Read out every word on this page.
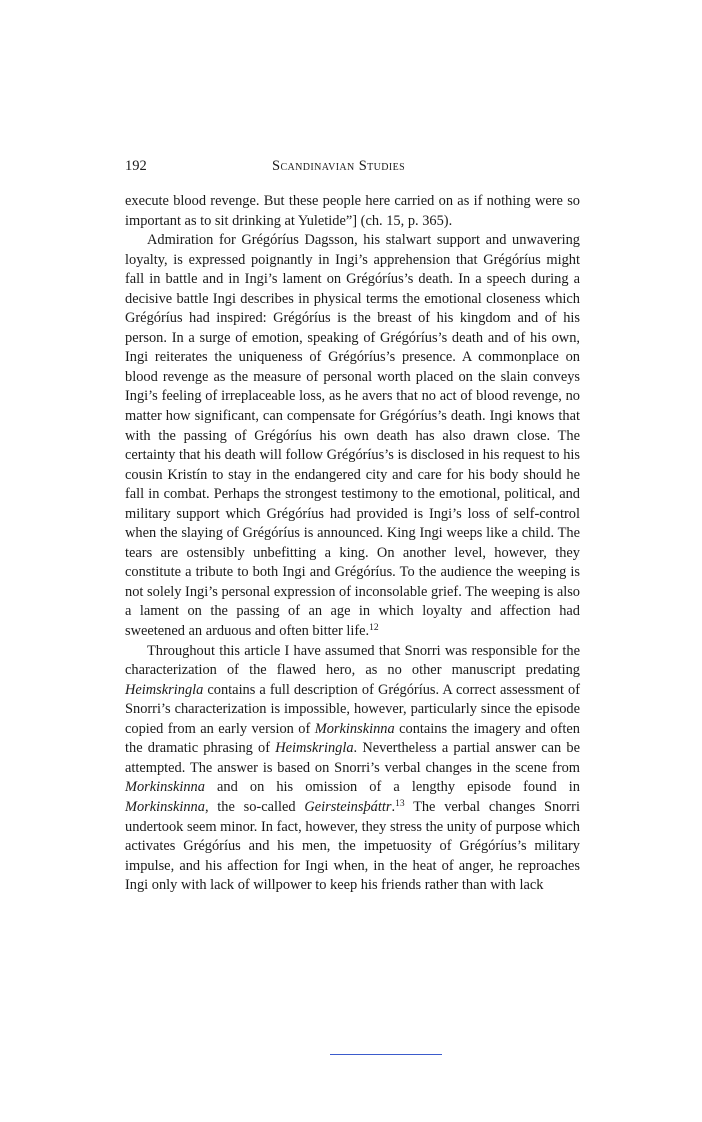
192	Scandinavian Studies

execute blood revenge. But these people here carried on as if nothing were so important as to sit drinking at Yuletide”] (ch. 15, p. 365).

Admiration for Grégóríus Dagsson, his stalwart support and unwavering loyalty, is expressed poignantly in Ingi’s apprehension that Grégóríus might fall in battle and in Ingi’s lament on Grégóríus’s death. In a speech during a decisive battle Ingi describes in physical terms the emotional closeness which Grégóríus had inspired: Grégóríus is the breast of his kingdom and of his person. In a surge of emotion, speaking of Grégóríus’s death and of his own, Ingi reiterates the uniqueness of Grégóríus’s presence. A commonplace on blood revenge as the measure of personal worth placed on the slain conveys Ingi’s feeling of irreplaceable loss, as he avers that no act of blood revenge, no matter how significant, can compensate for Grégóríus’s death. Ingi knows that with the passing of Grégóríus his own death has also drawn close. The certainty that his death will follow Grégóríus’s is disclosed in his request to his cousin Kristín to stay in the endangered city and care for his body should he fall in combat. Perhaps the strongest testimony to the emotional, political, and military support which Grégóríus had provided is Ingi’s loss of self-control when the slaying of Grégóríus is announced. King Ingi weeps like a child. The tears are ostensibly unbefitting a king. On another level, however, they constitute a tribute to both Ingi and Grégóríus. To the audience the weeping is not solely Ingi’s personal expression of inconsolable grief. The weeping is also a lament on the passing of an age in which loyalty and affection had sweetened an arduous and often bitter life.$^{12}$

Throughout this article I have assumed that Snorri was responsible for the characterization of the flawed hero, as no other manuscript predating Heimskringla contains a full description of Grégóríus. A correct assessment of Snorri’s characterization is impossible, however, particularly since the episode copied from an early version of Morkinskinna contains the imagery and often the dramatic phrasing of Heimskringla. Nevertheless a partial answer can be attempted. The answer is based on Snorri’s verbal changes in the scene from Morkinskinna and on his omission of a lengthy episode found in Morkinskinna, the so-called Geirsteinsþáttr.$^{13}$ The verbal changes Snorri undertook seem minor. In fact, however, they stress the unity of purpose which activates Grégóríus and his men, the impetuosity of Grégóríus’s military impulse, and his affection for Ingi when, in the heat of anger, he reproaches Ingi only with lack of willpower to keep his friends rather than with lack
